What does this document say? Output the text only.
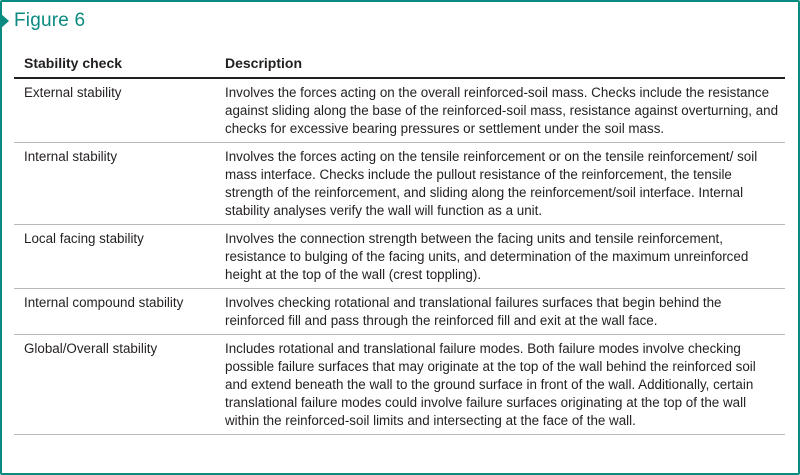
Figure 6
Stability check	Description
External stability	Involves the forces acting on the overall reinforced-soil mass. Checks include the resistance against sliding along the base of the reinforced-soil mass, resistance against overturning, and checks for excessive bearing pressures or settlement under the soil mass.
Internal stability	Involves the forces acting on the tensile reinforcement or on the tensile reinforcement/ soil mass interface. Checks include the pullout resistance of the reinforcement, the tensile strength of the reinforcement, and sliding along the reinforcement/soil interface. Internal stability analyses verify the wall will function as a unit.
Local facing stability	Involves the connection strength between the facing units and tensile reinforcement, resistance to bulging of the facing units, and determination of the maximum unreinforced height at the top of the wall (crest toppling).
Internal compound stability	Involves checking rotational and translational failures surfaces that begin behind the reinforced fill and pass through the reinforced fill and exit at the wall face.
Global/Overall stability	Includes rotational and translational failure modes. Both failure modes involve checking possible failure surfaces that may originate at the top of the wall behind the reinforced soil and extend beneath the wall to the ground surface in front of the wall. Additionally, certain translational failure modes could involve failure surfaces originating at the top of the wall within the reinforced-soil limits and intersecting at the face of the wall.
